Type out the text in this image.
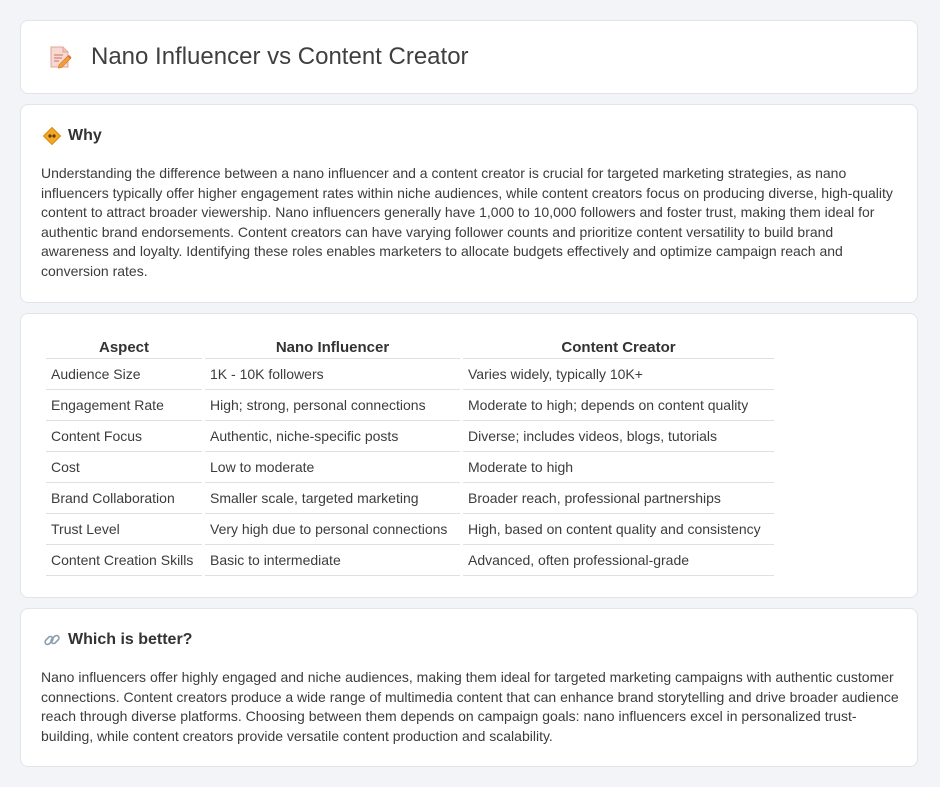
Nano Influencer vs Content Creator
Why

Understanding the difference between a nano influencer and a content creator is crucial for targeted marketing strategies, as nano influencers typically offer higher engagement rates within niche audiences, while content creators focus on producing diverse, high-quality content to attract broader viewership. Nano influencers generally have 1,000 to 10,000 followers and foster trust, making them ideal for authentic brand endorsements. Content creators can have varying follower counts and prioritize content versatility to build brand awareness and loyalty. Identifying these roles enables marketers to allocate budgets effectively and optimize campaign reach and conversion rates.

Aspect	Nano Influencer	Content Creator
Audience Size	1K - 10K followers	Varies widely, typically 10K+
Engagement Rate	High; strong, personal connections	Moderate to high; depends on content quality
Content Focus	Authentic, niche-specific posts	Diverse; includes videos, blogs, tutorials
Cost	Low to moderate	Moderate to high
Brand Collaboration	Smaller scale, targeted marketing	Broader reach, professional partnerships
Trust Level	Very high due to personal connections	High, based on content quality and consistency
Content Creation Skills	Basic to intermediate	Advanced, often professional-grade
Which is better?

Nano influencers offer highly engaged and niche audiences, making them ideal for targeted marketing campaigns with authentic customer connections. Content creators produce a wide range of multimedia content that can enhance brand storytelling and drive broader audience reach through diverse platforms. Choosing between them depends on campaign goals: nano influencers excel in personalized trust-building, while content creators provide versatile content production and scalability.
